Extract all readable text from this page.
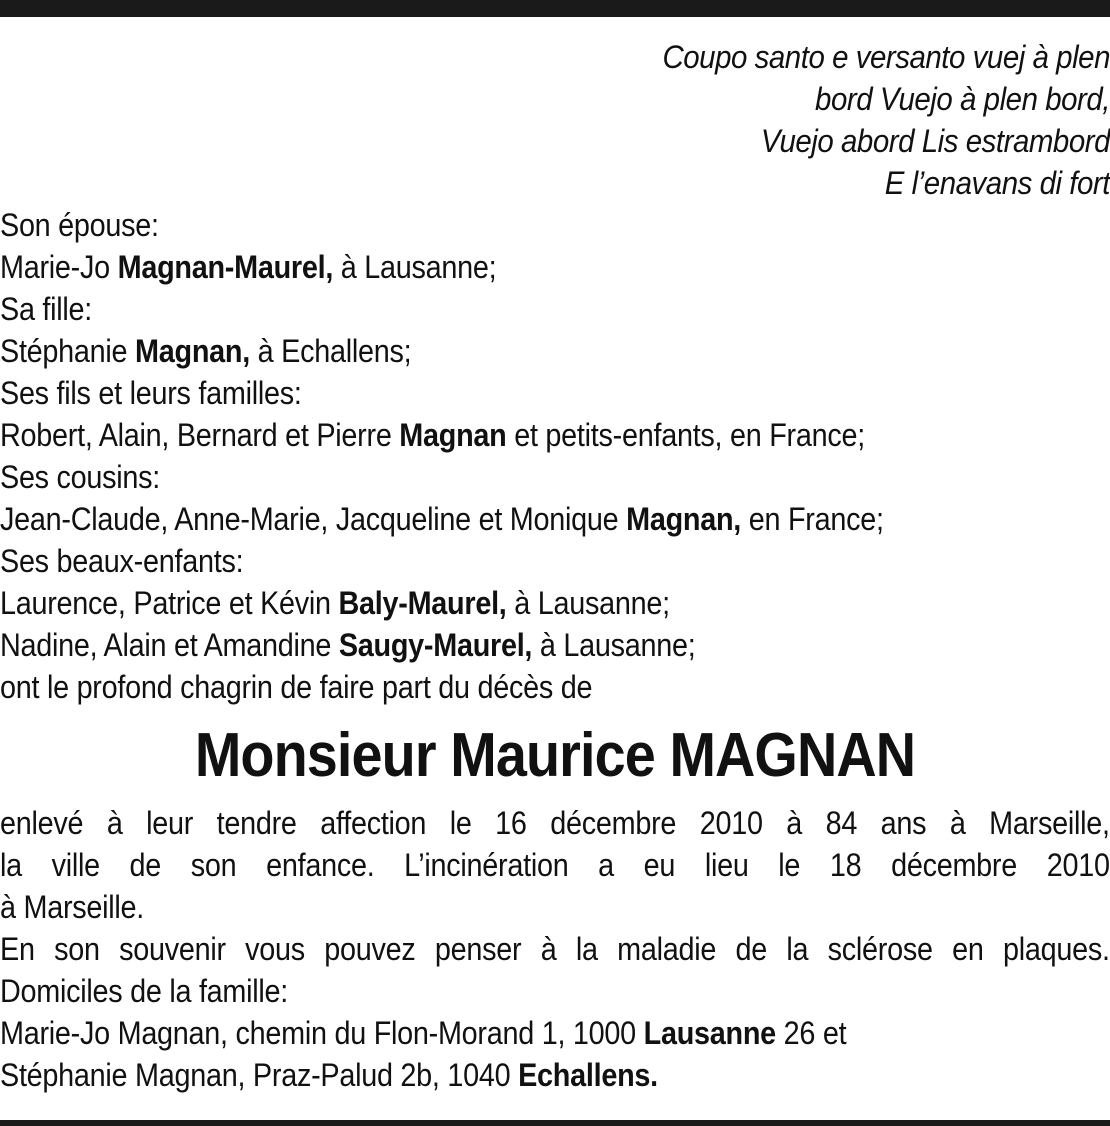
Coupo santo e versanto vuej à plen
bord Vuejo à plen bord,
Vuejo abord Lis estrambord
E l’enavans di fort
Son épouse:
Marie-Jo Magnan-Maurel, à Lausanne;
Sa fille:
Stéphanie Magnan, à Echallens;
Ses fils et leurs familles:
Robert, Alain, Bernard et Pierre Magnan et petits-enfants, en France;
Ses cousins:
Jean-Claude, Anne-Marie, Jacqueline et Monique Magnan, en France;
Ses beaux-enfants:
Laurence, Patrice et Kévin Baly-Maurel, à Lausanne;
Nadine, Alain et Amandine Saugy-Maurel, à Lausanne;
ont le profond chagrin de faire part du décès de
Monsieur Maurice MAGNAN
enlevé à leur tendre affection le 16 décembre 2010 à 84 ans à Marseille,
la ville de son enfance. L’incinération a eu lieu le 18 décembre 2010
à Marseille.
En son souvenir vous pouvez penser à la maladie de la sclérose en plaques.
Domiciles de la famille:
Marie-Jo Magnan, chemin du Flon-Morand 1, 1000 Lausanne 26 et
Stéphanie Magnan, Praz-Palud 2b, 1040 Echallens.
